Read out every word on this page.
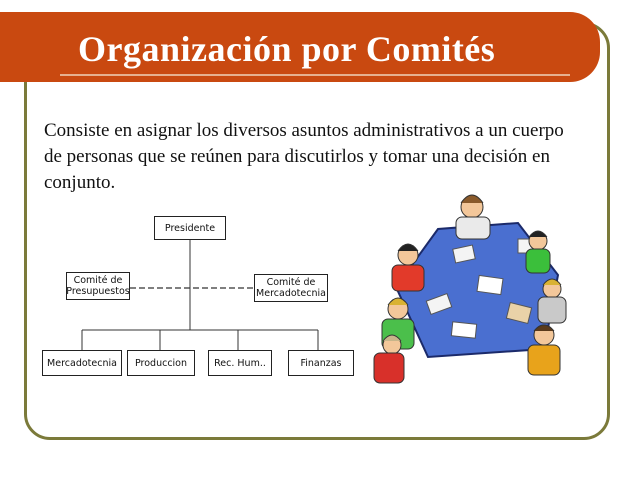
Organización por Comités
Consiste en asignar los diversos asuntos administrativos a un cuerpo de personas que se reúnen para discutirlos y tomar una decisión en conjunto.
Presidente
Comité de Presupuestos
Comité de Mercadotecnia
Mercadotecnia	Produccion	Rec. Hum..	Finanzas
